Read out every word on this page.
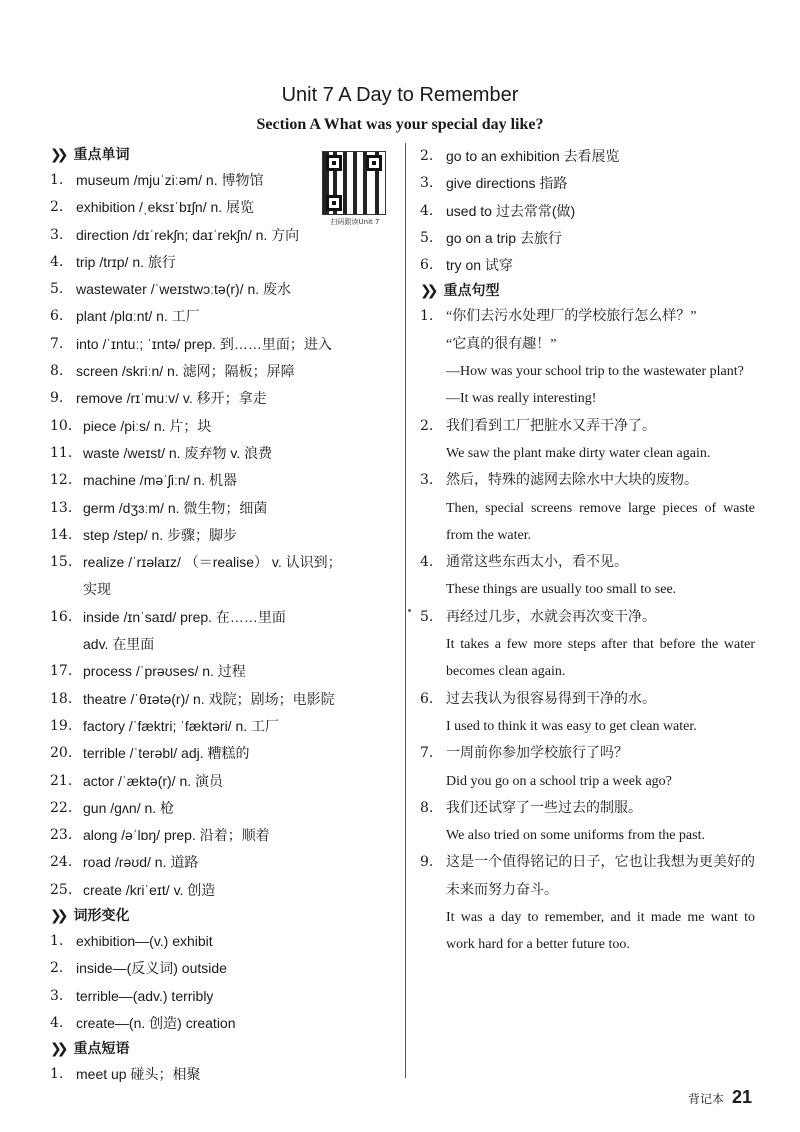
Unit 7 A Day to Remember
Section A What was your special day like?
扫码跟读Unit 7
❯❯ 重点单词
1. museum /mjuˈziːəm/ n. 博物馆
2. exhibition /ˌeksɪˈbɪʃn/ n. 展览
3. direction /dɪˈrekʃn; daɪˈrekʃn/ n. 方向
4. trip /trɪp/ n. 旅行
5. wastewater /ˈweɪstwɔːtə(r)/ n. 废水
6. plant /plɑːnt/ n. 工厂
7. into /ˈɪntuː; ˈɪntə/ prep. 到……里面；进入
8. screen /skriːn/ n. 滤网；隔板；屏障
9. remove /rɪˈmuːv/ v. 移开；拿走
10. piece /piːs/ n. 片；块
11. waste /weɪst/ n. 废弃物 v. 浪费
12. machine /məˈʃiːn/ n. 机器
13. germ /dʒɜːm/ n. 微生物；细菌
14. step /step/ n. 步骤；脚步
15. realize /ˈrɪəlaɪz/ （＝realise） v. 认识到；
实现
16. inside /ɪnˈsaɪd/ prep. 在……里面
adv. 在里面
17. process /ˈprəʊses/ n. 过程
18. theatre /ˈθɪətə(r)/ n. 戏院；剧场；电影院
19. factory /ˈfæktri; ˈfæktəri/ n. 工厂
20. terrible /ˈterəbl/ adj. 糟糕的
21. actor /ˈæktə(r)/ n. 演员
22. gun /ɡʌn/ n. 枪
23. along /əˈlɒŋ/ prep. 沿着；顺着
24. road /rəʊd/ n. 道路
25. create /kriˈeɪt/ v. 创造
❯❯ 词形变化
1. exhibition—(v.) exhibit
2. inside—(反义词) outside
3. terrible—(adv.) terribly
4. create—(n. 创造) creation
❯❯ 重点短语
1. meet up 碰头；相聚
2. go to an exhibition 去看展览
3. give directions 指路
4. used to 过去常常(做)
5. go on a trip 去旅行
6. try on 试穿
❯❯ 重点句型
1. “你们去污水处理厂的学校旅行怎么样？”
“它真的很有趣！”
—How was your school trip to the wastewater plant?
—It was really interesting!
2. 我们看到工厂把脏水又弄干净了。
We saw the plant make dirty water clean again.
3. 然后，特殊的滤网去除水中大块的废物。
Then, special screens remove large pieces of waste from the water.
4. 通常这些东西太小，看不见。
These things are usually too small to see.
5. 再经过几步，水就会再次变干净。
It takes a few more steps after that before the water becomes clean again.
6. 过去我认为很容易得到干净的水。
I used to think it was easy to get clean water.
7. 一周前你参加学校旅行了吗？
Did you go on a school trip a week ago?
8. 我们还试穿了一些过去的制服。
We also tried on some uniforms from the past.
9. 这是一个值得铭记的日子，它也让我想为更美好的未来而努力奋斗。
It was a day to remember, and it made me want to work hard for a better future too.
背记本 21
